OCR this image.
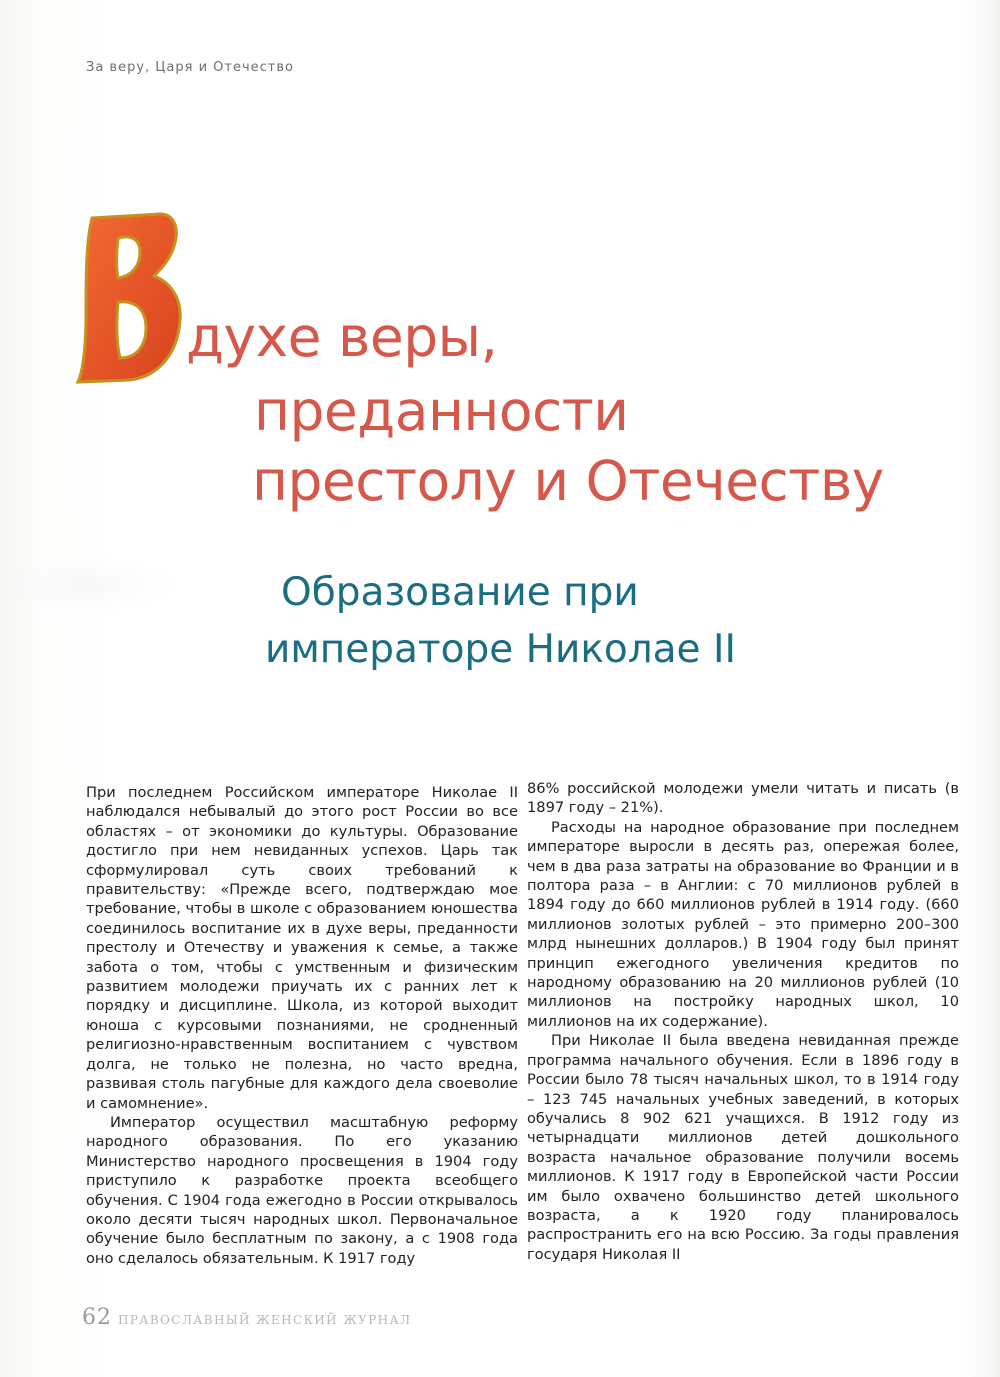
За веру, Царя и Отечество
духе веры,
преданности
престолу и Отечеству
Образование при
императоре Николае II

При последнем Российском императоре Николае II наблюдался небывалый до этого рост России во все областях – от экономики до культуры. Образование достигло при нем невиданных успехов. Царь так сформулировал суть своих требований к правительству: «Прежде всего, подтверждаю мое требование, чтобы в школе с образованием юношества соединилось воспитание их в духе веры, преданности престолу и Отечеству и уважения к семье, а также забота о том, чтобы с умственным и физическим развитием молодежи приучать их с ранних лет к порядку и дисциплине. Школа, из которой выходит юноша с курсовыми познаниями, не сродненный религиозно-нравственным воспитанием с чувством долга, не только не полезна, но часто вредна, развивая столь пагубные для каждого дела своеволие и самомнение».

Император осуществил масштабную реформу народного образования. По его указанию Министерство народного просвещения в 1904 году приступило к разработке проекта всеобщего обучения. С 1904 года ежегодно в России открывалось около десяти тысяч народных школ. Первоначальное обучение было бесплатным по закону, а с 1908 года оно сделалось обязательным. К 1917 году

86% российской молодежи умели читать и писать (в 1897 году – 21%).

Расходы на народное образование при последнем императоре выросли в десять раз, опережая более, чем в два раза затраты на образование во Франции и в полтора раза – в Англии: с 70 миллионов рублей в 1894 году до 660 миллионов рублей в 1914 году. (660 миллионов золотых рублей – это примерно 200–300 млрд нынешних долларов.) В 1904 году был принят принцип ежегодного увеличения кредитов по народному образованию на 20 миллионов рублей (10 миллионов на постройку народных школ, 10 миллионов на их содержание).

При Николае II была введена невиданная прежде программа начального обучения. Если в 1896 году в России было 78 тысяч начальных школ, то в 1914 году – 123 745 начальных учебных заведений, в которых обучались 8 902 621 учащихся. В 1912 году из четырнадцати миллионов детей дошкольного возраста начальное образование получили восемь миллионов. К 1917 году в Европейской части России им было охвачено большинство детей школьного возраста, а к 1920 году планировалось распространить его на всю Россию. За годы правления государя Николая II

62 ПРАВОСЛАВНЫЙ ЖЕНСКИЙ ЖУРНАЛ
